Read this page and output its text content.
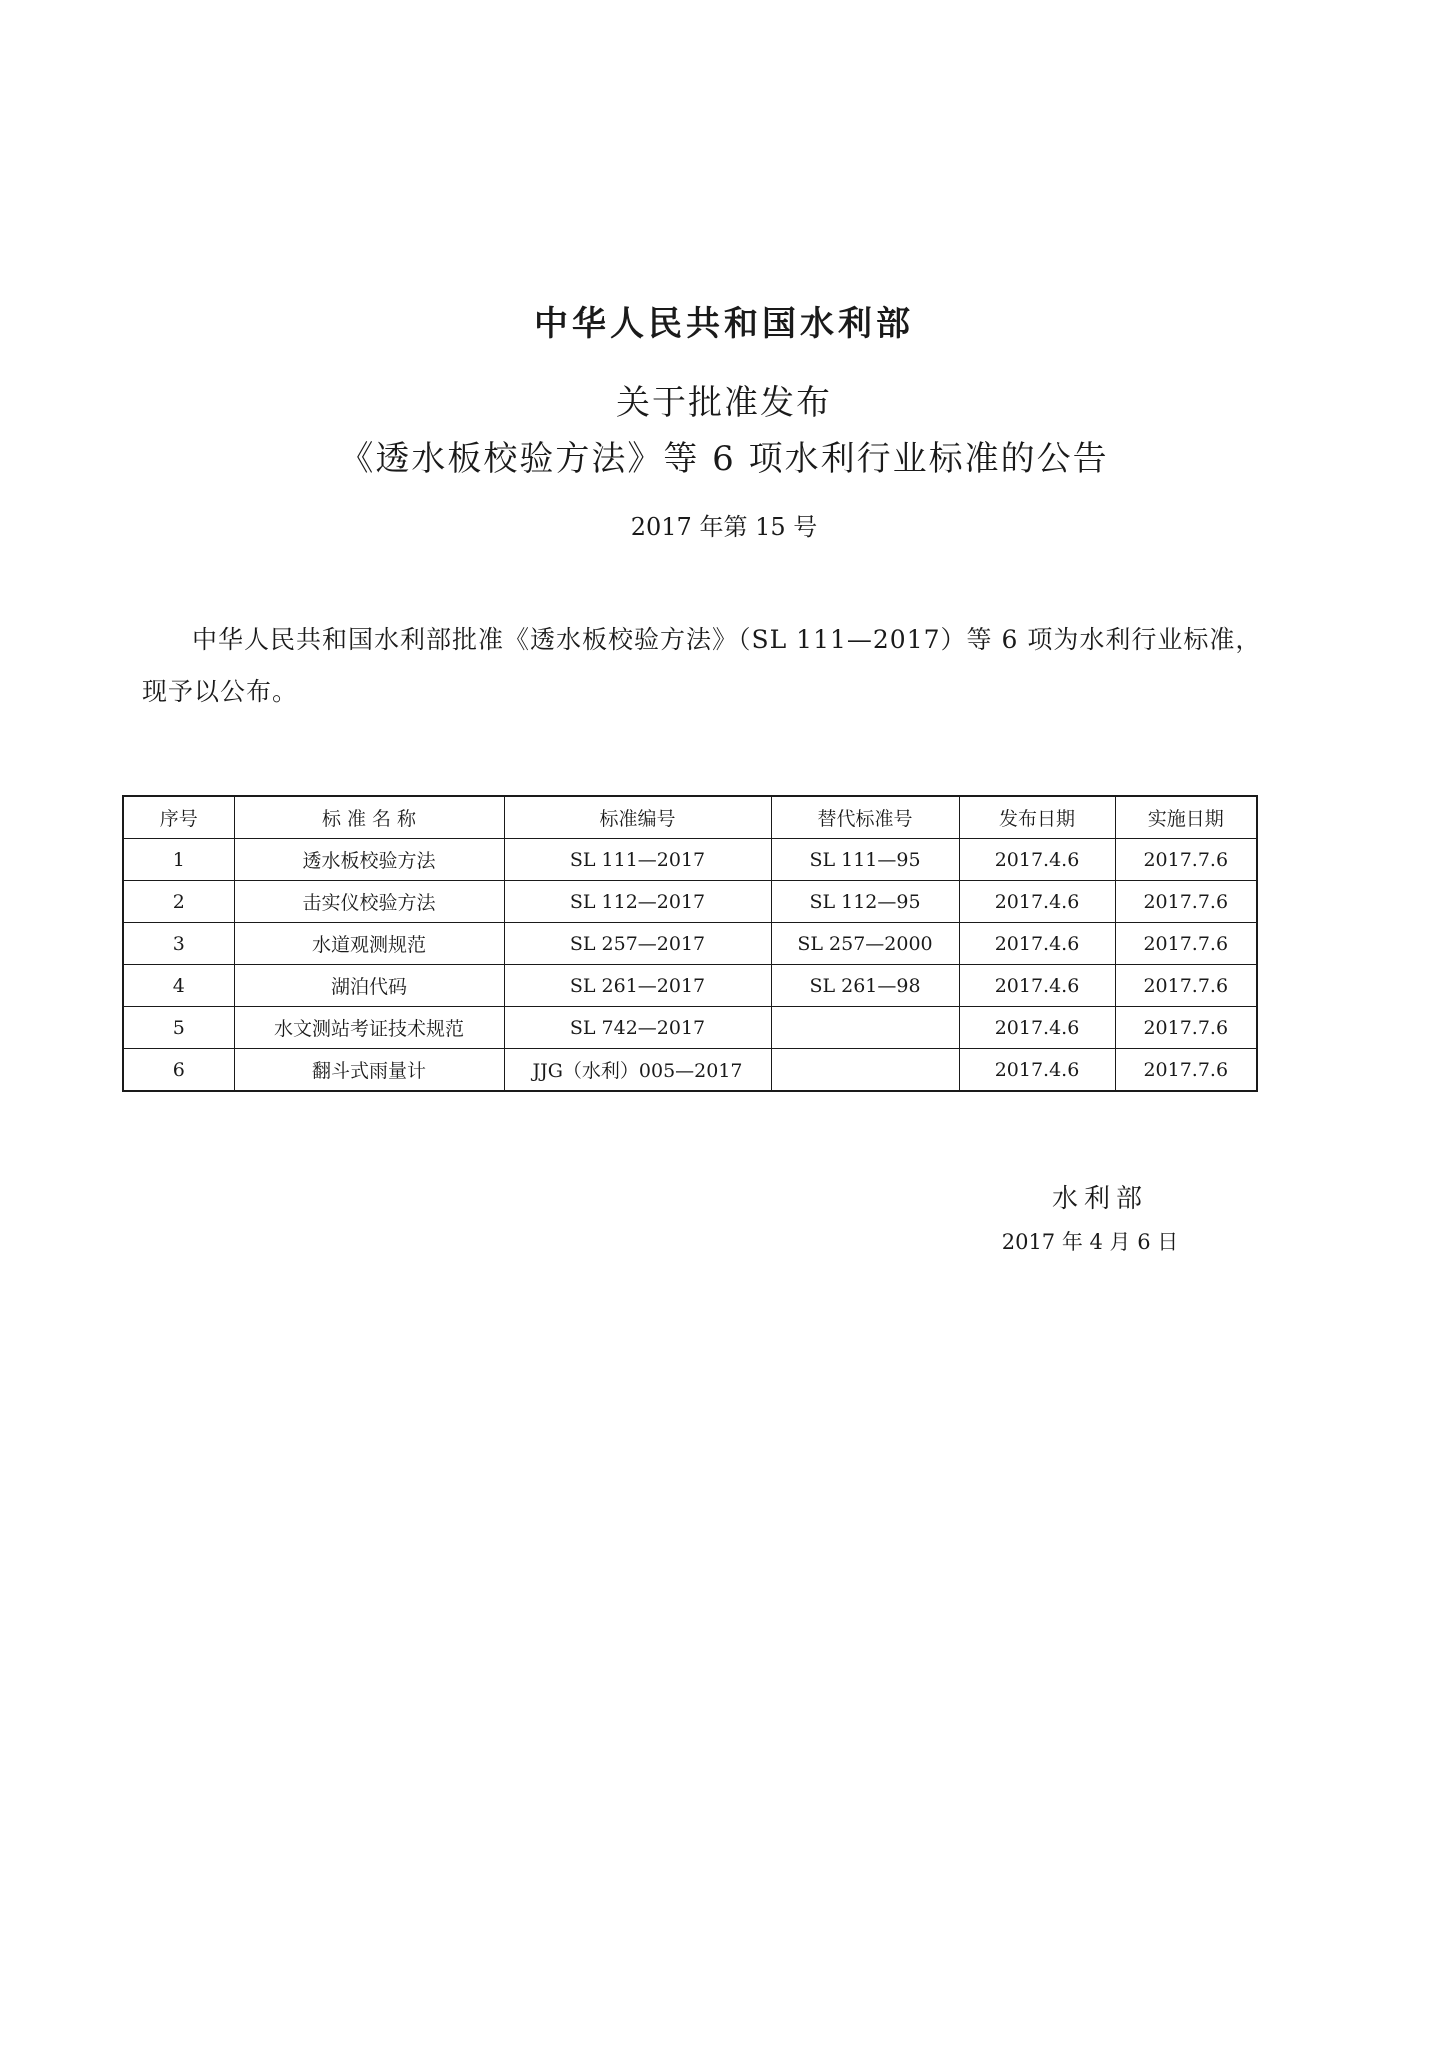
中华人民共和国水利部
关于批准发布
《透水板校验方法》等 6 项水利行业标准的公告
2017 年第 15 号
中华人民共和国水利部批准《透水板校验方法》（SL 111—2017）等 6 项为水利行业标准，现予以公布。
序号	标 准 名 称	标准编号	替代标准号	发布日期	实施日期
1	透水板校验方法	SL 111—2017	SL 111—95	2017.4.6	2017.7.6
2	击实仪校验方法	SL 112—2017	SL 112—95	2017.4.6	2017.7.6
3	水道观测规范	SL 257—2017	SL 257—2000	2017.4.6	2017.7.6
4	湖泊代码	SL 261—2017	SL 261—98	2017.4.6	2017.7.6
5	水文测站考证技术规范	SL 742—2017		2017.4.6	2017.7.6
6	翻斗式雨量计	JJG（水利）005—2017		2017.4.6	2017.7.6
水利部
2017 年 4 月 6 日
